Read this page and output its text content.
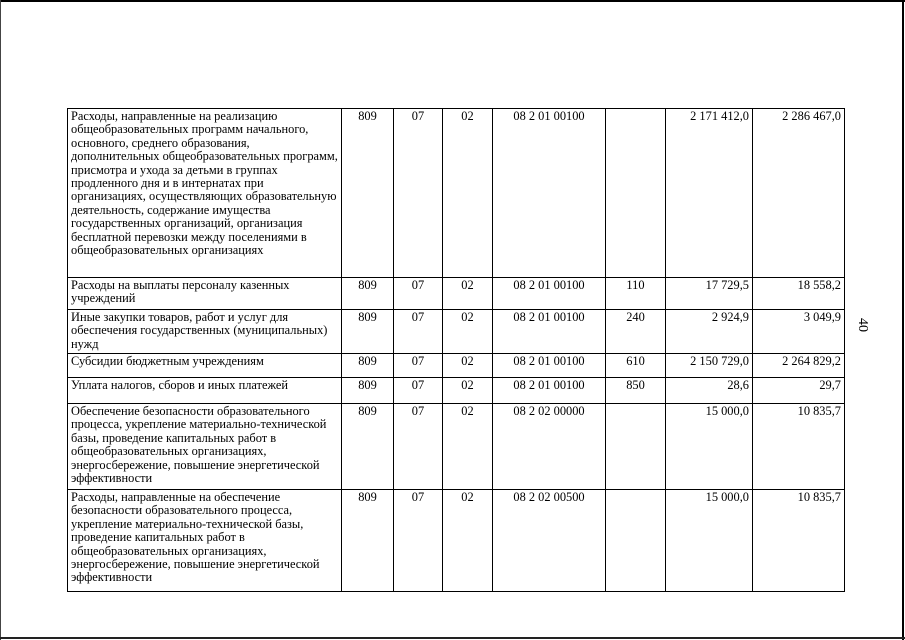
40
Расходы, направленные на реализацию общеобразовательных программ начального, основного, среднего образования, дополнительных общеобразовательных программ, присмотра и ухода за детьми в группах продленного дня и в интернатах при организациях, осуществляющих образовательную деятельность, содержание имущества государственных организаций, организация бесплатной перевозки между поселениями в общеобразовательных организациях	809	07	02	08 2 01 00100		2 171 412,0	2 286 467,0
Расходы на выплаты персоналу казенных учреждений	809	07	02	08 2 01 00100	110	17 729,5	18 558,2
Иные закупки товаров, работ и услуг для обеспечения государственных (муниципальных) нужд	809	07	02	08 2 01 00100	240	2 924,9	3 049,9
Субсидии бюджетным учреждениям	809	07	02	08 2 01 00100	610	2 150 729,0	2 264 829,2
Уплата налогов, сборов и иных платежей	809	07	02	08 2 01 00100	850	28,6	29,7
Обеспечение безопасности образовательного процесса, укрепление материально-технической базы, проведение капитальных работ в общеобразовательных организациях, энергосбережение, повышение энергетической эффективности	809	07	02	08 2 02 00000		15 000,0	10 835,7
Расходы, направленные на обеспечение безопасности образовательного процесса, укрепление материально-технической базы, проведение капитальных работ в общеобразовательных организациях, энергосбережение, повышение энергетической эффективности	809	07	02	08 2 02 00500		15 000,0	10 835,7
